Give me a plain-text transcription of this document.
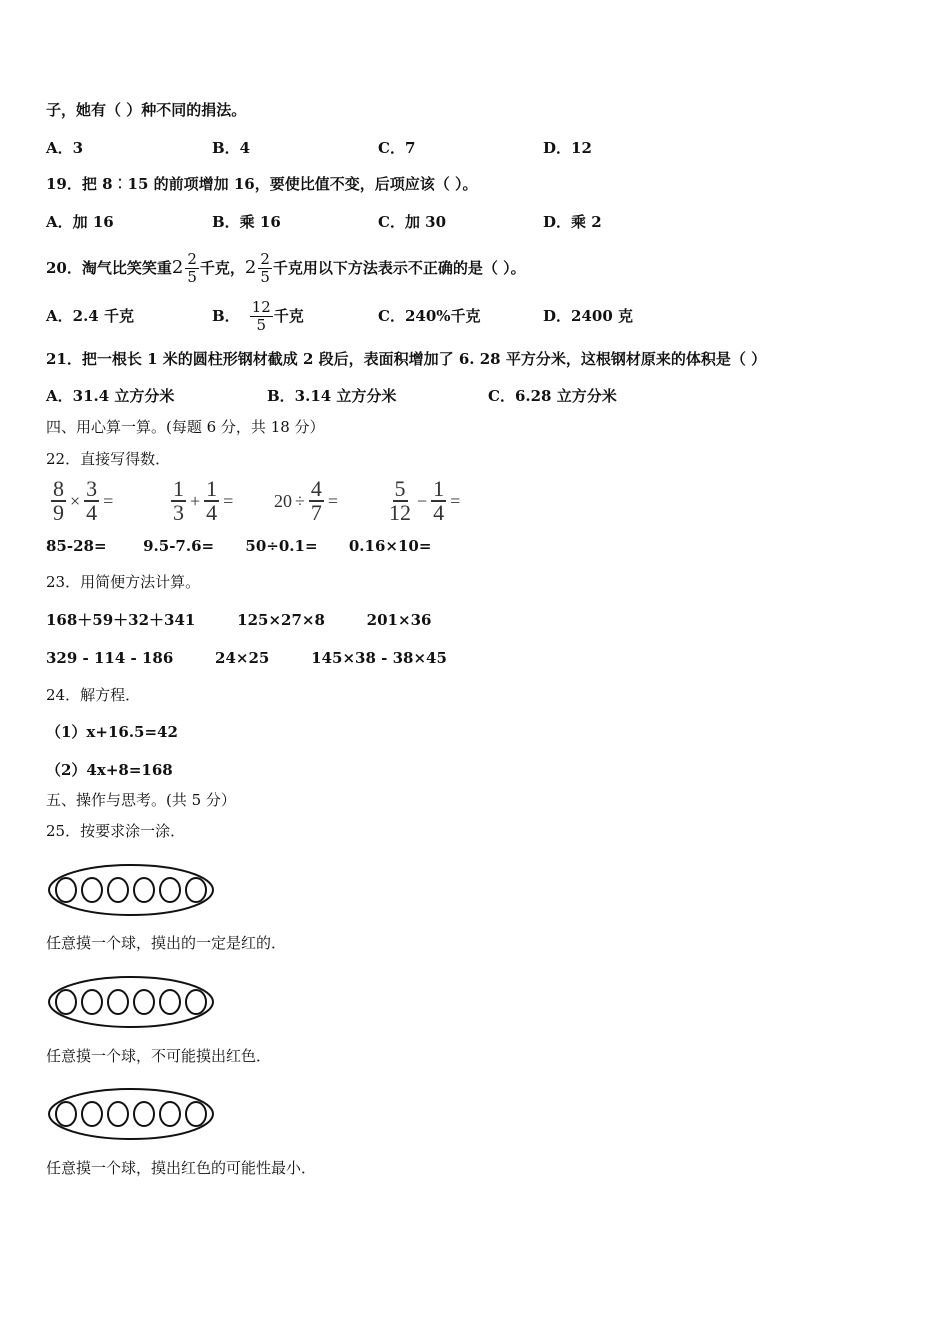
子，她有（ ）种不同的捐法。
A．3	B．4	C．7	D．12
19．把 8︰15 的前项增加 16，要使比值不变，后项应该（ ）。
A．加 16	B．乘 16	C．加 30	D．乘 2
20．淘气比笑笑重 $2 \frac{2}{5}$ 千克， $2 \frac{2}{5}$ 千克用以下方法表示不正确的是（ ）。
A．2.4 千克	B． $\frac{12}{5}$ 千克	C．240%千克	D．2400 克
21．把一根长 1 米的圆柱形钢材截成 2 段后，表面积增加了 6. 28 平方分米，这根钢材原来的体积是（ ）
A．31.4 立方分米	B．3.14 立方分米	C．6.28 立方分米
四、用心算一算。(每题 6 分，共 18 分）
22．直接写得数．
$\frac{8}{9} \times \frac{3}{4}$ =	$\frac{1}{3} + \frac{1}{4} = 20 \div \frac{4}{7} = \frac{5}{12} - \frac{1}{4}$ =
85-28=       9.5-7.6=      50÷0.1=      0.16×10=
23．用简便方法计算。
168＋59＋32＋341        125×27×8        201×36
329 - 114 - 186        24×25        145×38 - 38×45
24．解方程．
（1）x+16.5=42
（2）4x+8=168
五、操作与思考。(共 5 分）
25．按要求涂一涂．
任意摸一个球，摸出的一定是红的．
任意摸一个球，不可能摸出红色．
任意摸一个球，摸出红色的可能性最小．
